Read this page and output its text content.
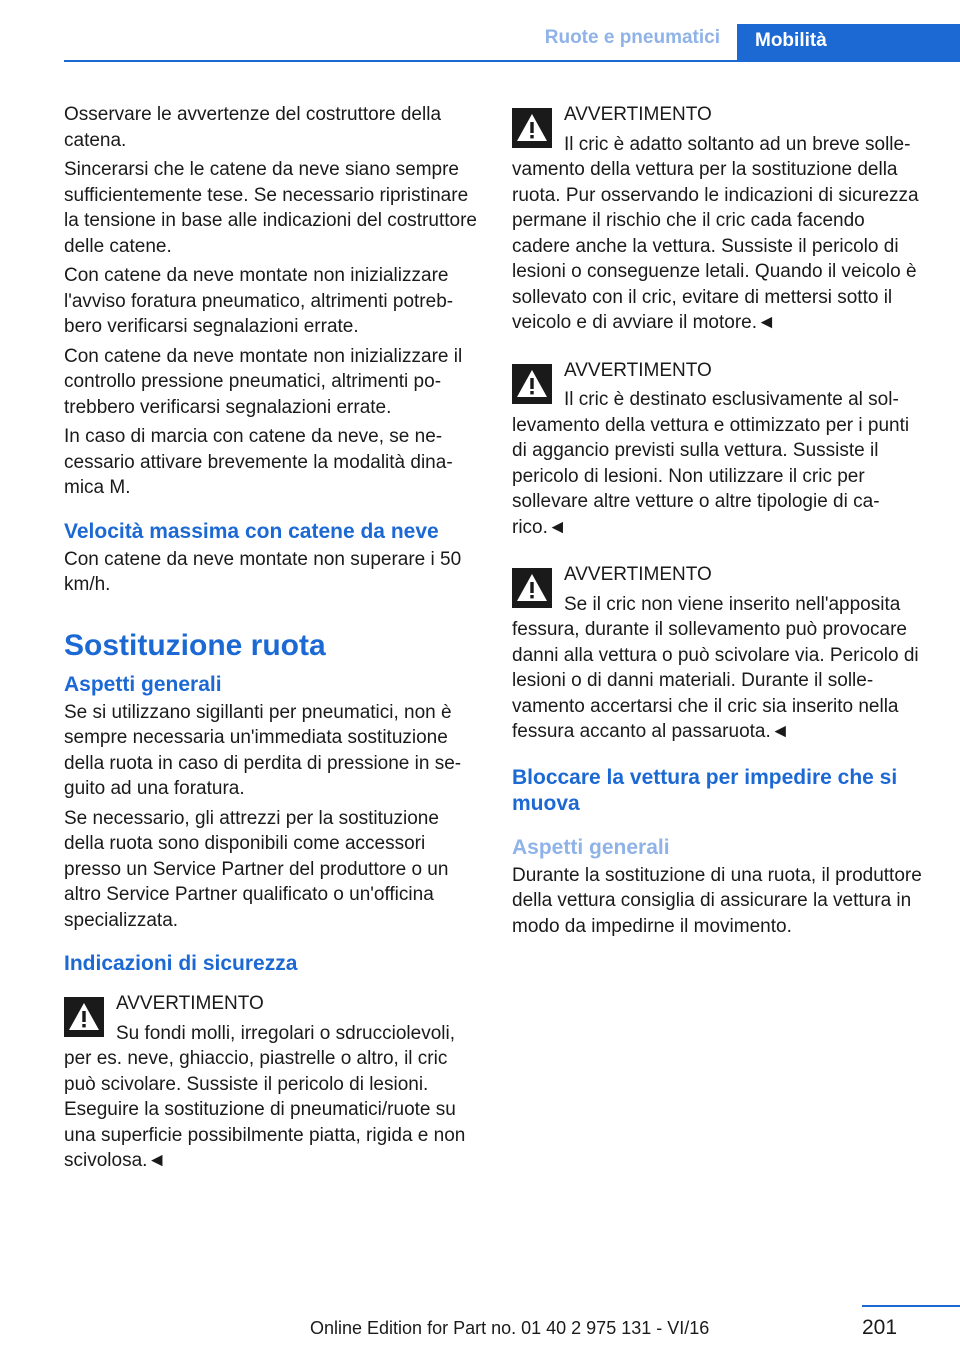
Ruote e pneumatici	Mobilità

Osservare le avvertenze del costruttore della catena.

Sincerarsi che le catene da neve siano sempre sufficientemente tese. Se necessario ripristinare la tensione in base alle indicazioni del costruttore delle catene.

Con catene da neve montate non inizializzare l'avviso foratura pneumatico, altrimenti potrebbero verificarsi segnalazioni errate.

Con catene da neve montate non inizializzare il controllo pressione pneumatici, altrimenti potrebbero verificarsi segnalazioni errate.

In caso di marcia con catene da neve, se necessario attivare brevemente la modalità dinamica M.

Velocità massima con catene da neve

Con catene da neve montate non superare i 50 km/h.

Sostituzione ruota
Aspetti generali

Se si utilizzano sigillanti per pneumatici, non è sempre necessaria un'immediata sostituzione della ruota in caso di perdita di pressione in seguito ad una foratura.

Se necessario, gli attrezzi per la sostituzione della ruota sono disponibili come accessori presso un Service Partner del produttore o un altro Service Partner qualificato o un'officina specializzata.

Indicazioni di sicurezza

AVVERTIMENTO

Su fondi molli, irregolari o sdrucciolevoli, per es. neve, ghiaccio, piastrelle o altro, il cric può scivolare. Sussiste il pericolo di lesioni. Eseguire la sostituzione di pneumatici/ruote su una superficie possibilmente piatta, rigida e non scivolosa.◄

AVVERTIMENTO

Il cric è adatto soltanto ad un breve sollevamento della vettura per la sostituzione della ruota. Pur osservando le indicazioni di sicurezza permane il rischio che il cric cada facendo cadere anche la vettura. Sussiste il pericolo di lesioni o conseguenze letali. Quando il veicolo è sollevato con il cric, evitare di mettersi sotto il veicolo e di avviare il motore.◄

AVVERTIMENTO

Il cric è destinato esclusivamente al sollevamento della vettura e ottimizzato per i punti di aggancio previsti sulla vettura. Sussiste il pericolo di lesioni. Non utilizzare il cric per sollevare altre vetture o altre tipologie di carico.◄

AVVERTIMENTO

Se il cric non viene inserito nell'apposita fessura, durante il sollevamento può provocare danni alla vettura o può scivolare via. Pericolo di lesioni o di danni materiali. Durante il sollevamento accertarsi che il cric sia inserito nella fessura accanto al passaruota.◄

Bloccare la vettura per impedire che si muova
Aspetti generali

Durante la sostituzione di una ruota, il produttore della vettura consiglia di assicurare la vettura in modo da impedirne il movimento.

201
Online Edition for Part no. 01 40 2 975 131 - VI/16
